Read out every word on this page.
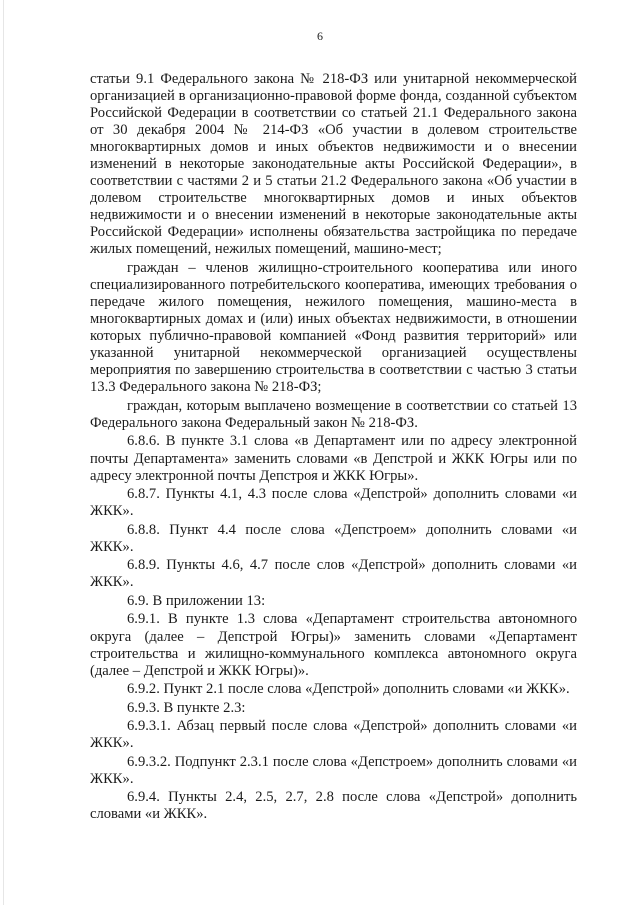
6

статьи 9.1 Федерального закона № 218-ФЗ или унитарной некоммерческой организацией в организационно-правовой форме фонда, созданной субъектом Российской Федерации в соответствии со статьей 21.1 Федерального закона от 30 декабря 2004 № 214-ФЗ «Об участии в долевом строительстве многоквартирных домов и иных объектов недвижимости и о внесении изменений в некоторые законодательные акты Российской Федерации», в соответствии с частями 2 и 5 статьи 21.2 Федерального закона «Об участии в долевом строительстве многоквартирных домов и иных объектов недвижимости и о внесении изменений в некоторые законодательные акты Российской Федерации» исполнены обязательства застройщика по передаче жилых помещений, нежилых помещений, машино-мест;

граждан – членов жилищно-строительного кооператива или иного специализированного потребительского кооператива, имеющих требования о передаче жилого помещения, нежилого помещения, машино-места в многоквартирных домах и (или) иных объектах недвижимости, в отношении которых публично-правовой компанией «Фонд развития территорий» или указанной унитарной некоммерческой организацией осуществлены мероприятия по завершению строительства в соответствии с частью 3 статьи 13.3 Федерального закона № 218-ФЗ;

граждан, которым выплачено возмещение в соответствии со статьей 13 Федерального закона Федеральный закон № 218-ФЗ.

6.8.6. В пункте 3.1 слова «в Департамент или по адресу электронной почты Департамента» заменить словами «в Депстрой и ЖКК Югры или по адресу электронной почты Депстроя и ЖКК Югры».

6.8.7. Пункты 4.1, 4.3 после слова «Депстрой» дополнить словами «и ЖКК».

6.8.8. Пункт 4.4 после слова «Депстроем» дополнить словами «и ЖКК».

6.8.9. Пункты 4.6, 4.7 после слов «Депстрой» дополнить словами «и ЖКК».

6.9. В приложении 13:

6.9.1. В пункте 1.3 слова «Департамент строительства автономного округа (далее – Депстрой Югры)» заменить словами «Департамент строительства и жилищно-коммунального комплекса автономного округа (далее – Депстрой и ЖКК Югры)».

6.9.2. Пункт 2.1 после слова «Депстрой» дополнить словами «и ЖКК».

6.9.3. В пункте 2.3:

6.9.3.1. Абзац первый после слова «Депстрой» дополнить словами «и ЖКК».

6.9.3.2. Подпункт 2.3.1 после слова «Депстроем» дополнить словами «и ЖКК».

6.9.4. Пункты 2.4, 2.5, 2.7, 2.8 после слова «Депстрой» дополнить словами «и ЖКК».
